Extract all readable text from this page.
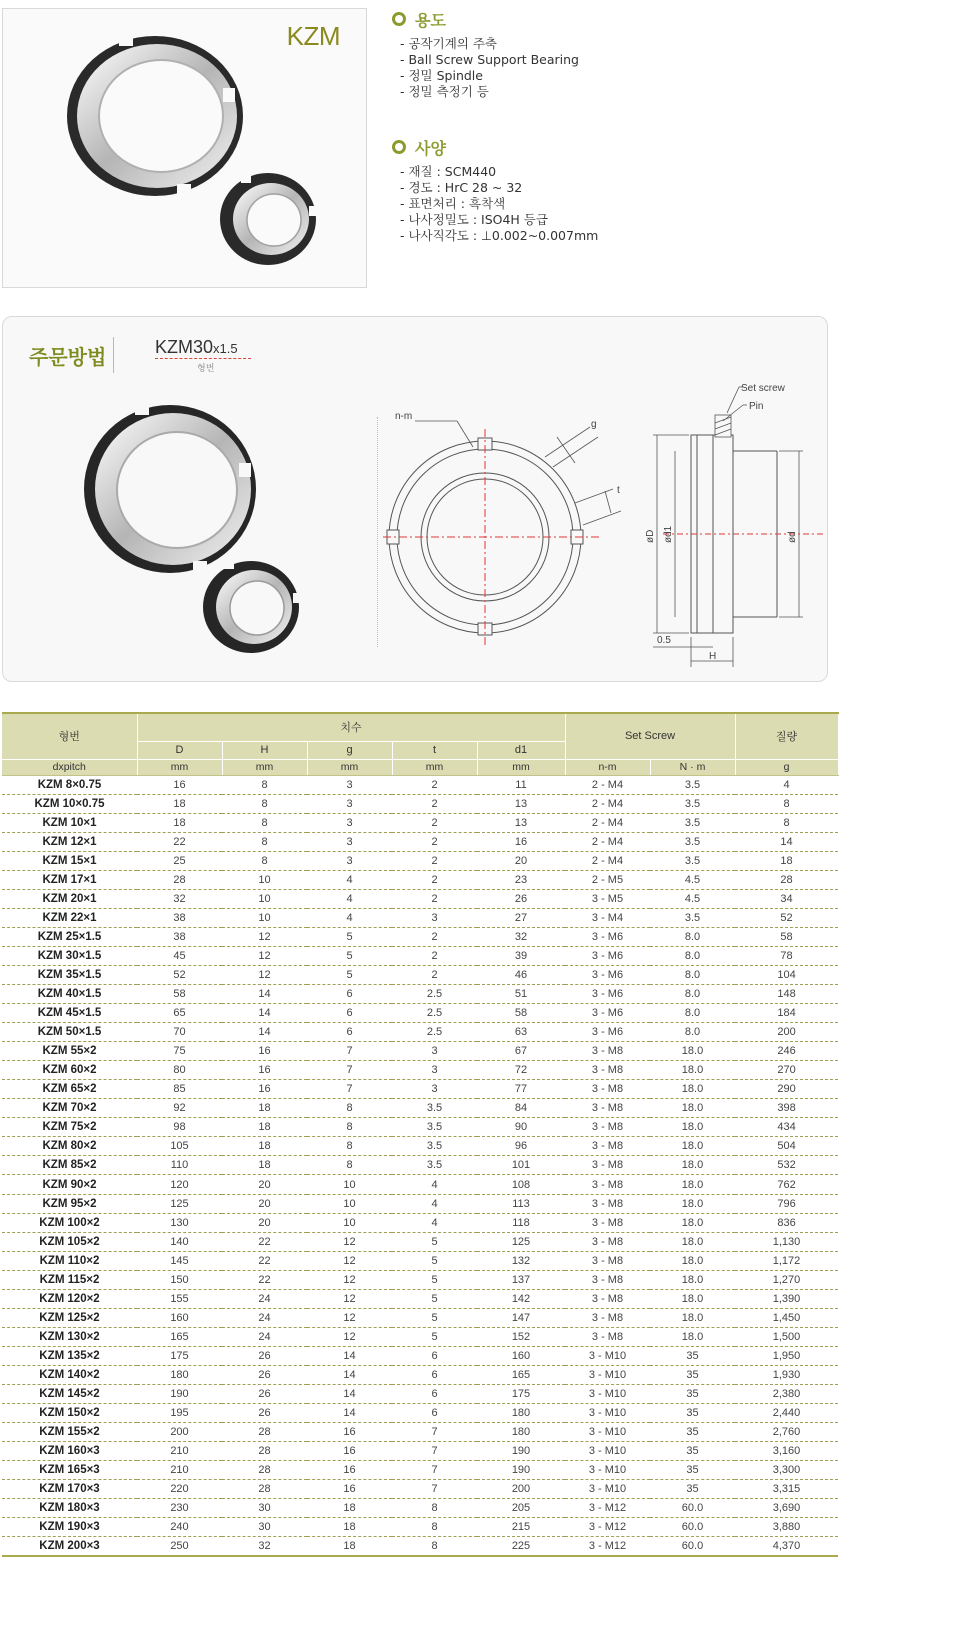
KZM
용도
- 공작기계의 주축
- Ball Screw Support Bearing
- 정밀 Spindle
- 정밀 측정기 등
사양
- 재질 : SCM440
- 경도 : HrC 28 ~ 32
- 표면처리 : 흑착색
- 나사정밀도 : ISO4H 등급
- 나사직각도 : ⊥0.002~0.007mm
주문방법	KZM30x1.5
형번
n-m
g
t
Set screw
Pin
øD ød1	ød
0.5
H
형번	치수					Set Screw		질량
	D	H	g	t	d1			
dxpitch	mm	mm	mm	mm	mm	n-m	N · m	g
KZM 8×0.75	16	8	3	2	11	2 - M4	3.5	4
KZM 10×0.75	18	8	3	2	13	2 - M4	3.5	8
KZM 10×1	18	8	3	2	13	2 - M4	3.5	8
KZM 12×1	22	8	3	2	16	2 - M4	3.5	14
KZM 15×1	25	8	3	2	20	2 - M4	3.5	18
KZM 17×1	28	10	4	2	23	2 - M5	4.5	28
KZM 20×1	32	10	4	2	26	3 - M5	4.5	34
KZM 22×1	38	10	4	3	27	3 - M4	3.5	52
KZM 25×1.5	38	12	5	2	32	3 - M6	8.0	58
KZM 30×1.5	45	12	5	2	39	3 - M6	8.0	78
KZM 35×1.5	52	12	5	2	46	3 - M6	8.0	104
KZM 40×1.5	58	14	6	2.5	51	3 - M6	8.0	148
KZM 45×1.5	65	14	6	2.5	58	3 - M6	8.0	184
KZM 50×1.5	70	14	6	2.5	63	3 - M6	8.0	200
KZM 55×2	75	16	7	3	67	3 - M8	18.0	246
KZM 60×2	80	16	7	3	72	3 - M8	18.0	270
KZM 65×2	85	16	7	3	77	3 - M8	18.0	290
KZM 70×2	92	18	8	3.5	84	3 - M8	18.0	398
KZM 75×2	98	18	8	3.5	90	3 - M8	18.0	434
KZM 80×2	105	18	8	3.5	96	3 - M8	18.0	504
KZM 85×2	110	18	8	3.5	101	3 - M8	18.0	532
KZM 90×2	120	20	10	4	108	3 - M8	18.0	762
KZM 95×2	125	20	10	4	113	3 - M8	18.0	796
KZM 100×2	130	20	10	4	118	3 - M8	18.0	836
KZM 105×2	140	22	12	5	125	3 - M8	18.0	1,130
KZM 110×2	145	22	12	5	132	3 - M8	18.0	1,172
KZM 115×2	150	22	12	5	137	3 - M8	18.0	1,270
KZM 120×2	155	24	12	5	142	3 - M8	18.0	1,390
KZM 125×2	160	24	12	5	147	3 - M8	18.0	1,450
KZM 130×2	165	24	12	5	152	3 - M8	18.0	1,500
KZM 135×2	175	26	14	6	160	3 - M10	35	1,950
KZM 140×2	180	26	14	6	165	3 - M10	35	1,930
KZM 145×2	190	26	14	6	175	3 - M10	35	2,380
KZM 150×2	195	26	14	6	180	3 - M10	35	2,440
KZM 155×2	200	28	16	7	180	3 - M10	35	2,760
KZM 160×3	210	28	16	7	190	3 - M10	35	3,160
KZM 165×3	210	28	16	7	190	3 - M10	35	3,300
KZM 170×3	220	28	16	7	200	3 - M10	35	3,315
KZM 180×3	230	30	18	8	205	3 - M12	60.0	3,690
KZM 190×3	240	30	18	8	215	3 - M12	60.0	3,880
KZM 200×3	250	32	18	8	225	3 - M12	60.0	4,370
